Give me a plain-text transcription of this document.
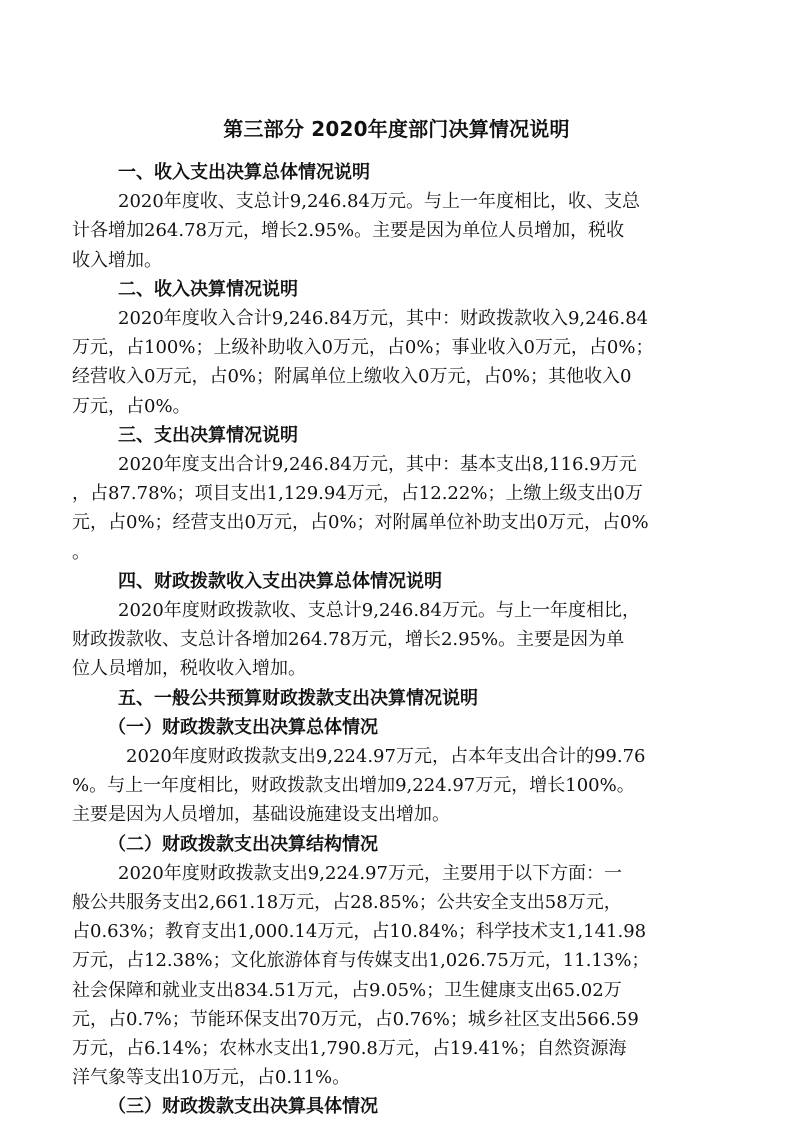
第三部分 2020年度部门决算情况说明
一、收入支出决算总体情况说明
2020年度收、支总计9,246.84万元。与上一年度相比，收、支总
计各增加264.78万元，增长2.95%。主要是因为单位人员增加，税收
收入增加。
二、收入决算情况说明
2020年度收入合计9,246.84万元，其中：财政拨款收入9,246.84
万元，占100%；上级补助收入0万元，占0%；事业收入0万元，占0%；
经营收入0万元，占0%；附属单位上缴收入0万元，占0%；其他收入0
万元，占0%。
三、支出决算情况说明
2020年度支出合计9,246.84万元，其中：基本支出8,116.9万元
，占87.78%；项目支出1,129.94万元，占12.22%；上缴上级支出0万
元，占0%；经营支出0万元，占0%；对附属单位补助支出0万元，占0%
。
四、财政拨款收入支出决算总体情况说明
2020年度财政拨款收、支总计9,246.84万元。与上一年度相比，
财政拨款收、支总计各增加264.78万元，增长2.95%。主要是因为单
位人员增加，税收收入增加。
五、一般公共预算财政拨款支出决算情况说明
（一）财政拨款支出决算总体情况
2020年度财政拨款支出9,224.97万元，占本年支出合计的99.76
%。与上一年度相比，财政拨款支出增加9,224.97万元，增长100%。
主要是因为人员增加，基础设施建设支出增加。
（二）财政拨款支出决算结构情况
2020年度财政拨款支出9,224.97万元，主要用于以下方面：一
般公共服务支出2,661.18万元，占28.85%；公共安全支出58万元，
占0.63%；教育支出1,000.14万元，占10.84%；科学技术支1,141.98
万元，占12.38%；文化旅游体育与传媒支出1,026.75万元，11.13%；
社会保障和就业支出834.51万元，占9.05%；卫生健康支出65.02万
元，占0.7%；节能环保支出70万元，占0.76%；城乡社区支出566.59
万元，占6.14%；农林水支出1,790.8万元，占19.41%；自然资源海
洋气象等支出10万元，占0.11%。
（三）财政拨款支出决算具体情况
